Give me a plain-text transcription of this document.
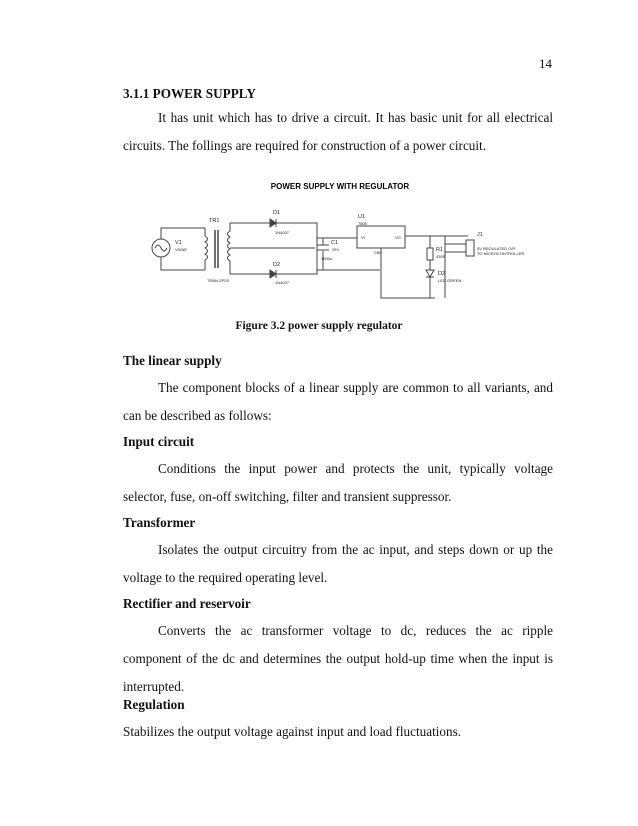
14
3.1.1 POWER SUPPLY
It has unit which has to drive a circuit. It has basic unit for all electrical circuits. The follings are required for construction of a power circuit.
POWER SUPPLY WITH REGULATOR
TR1
V1
VSINE
TRAN-2P2S
D1
1N4007
D2
1N4007
U1
7805
VI	VO
GND
C1
1000u
25V	R1
330R
D2
LED-GREEN
J1
5V REGULATED O/P
TO MICROCONTROLLER
Figure 3.2 power supply regulator
The linear supply
The component blocks of a linear supply are common to all variants, and can be described as follows:
Input circuit
Conditions the input power and protects the unit, typically voltage selector, fuse, on-off switching, filter and transient suppressor.
Transformer
Isolates the output circuitry from the ac input, and steps down or up the voltage to the required operating level.
Rectifier and reservoir
Converts the ac transformer voltage to dc, reduces the ac ripple component of the dc and determines the output hold-up time when the input is interrupted.
Regulation
Stabilizes the output voltage against input and load fluctuations.
